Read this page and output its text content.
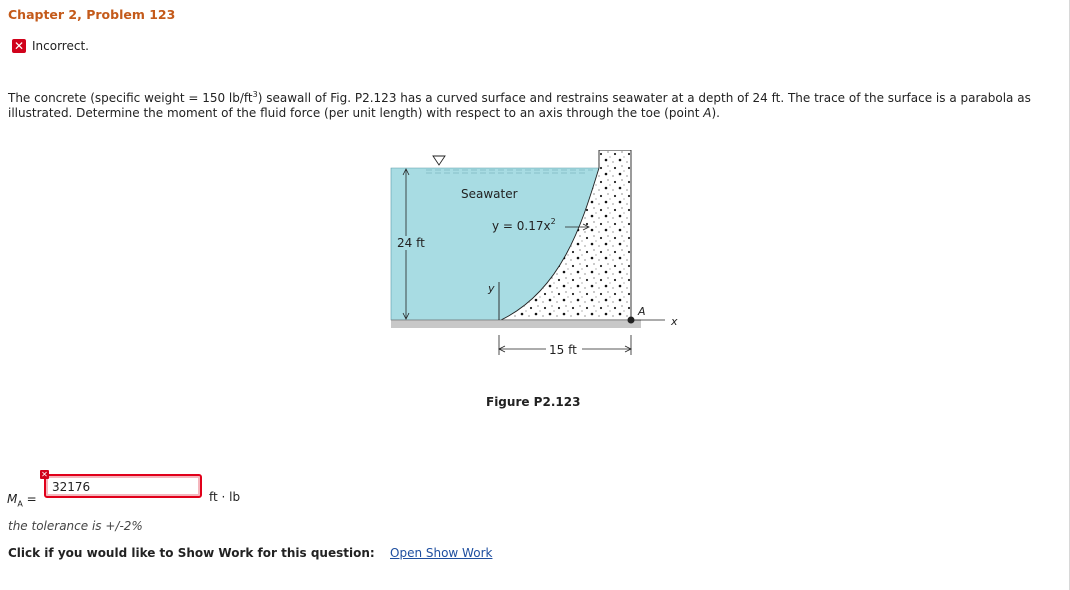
Chapter 2, Problem 123
✕ Incorrect.
The concrete (specific weight = 150 $lb/ft^3$) seawall of Fig. P2.123 has a curved surface and restrains seawater at a depth of 24 ft. The trace of the surface is a parabola as illustrated. Determine the moment of the fluid force (per unit length) with respect to an axis through the toe (point A).
24 ft
Seawater
$y = 0.17x^2$
y
x
A
15 ft
Figure P2.123
$M_A$ =
32176
✕
ft · lb
the tolerance is +/-2%
Click if you would like to Show Work for this question: Open Show Work
